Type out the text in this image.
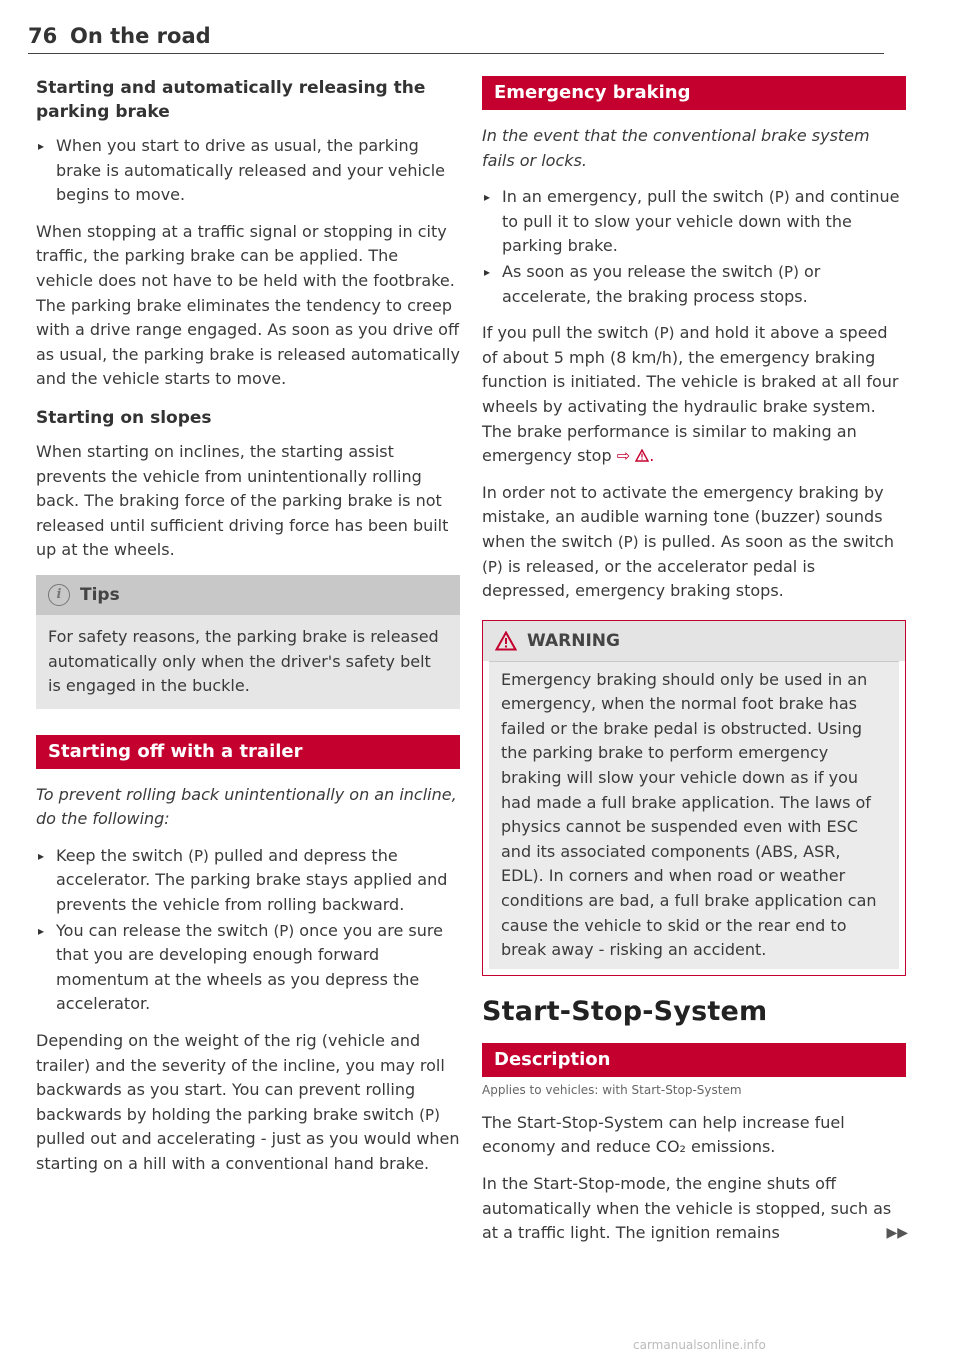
76 On the road
Starting and automatically releasing the parking brake
▸ When you start to drive as usual, the parking brake is automatically released and your vehicle begins to move.

When stopping at a traffic signal or stopping in city traffic, the parking brake can be applied. The vehicle does not have to be held with the footbrake. The parking brake eliminates the tendency to creep with a drive range engaged. As soon as you drive off as usual, the parking brake is released automatically and the vehicle starts to move.

Starting on slopes

When starting on inclines, the starting assist prevents the vehicle from unintentionally rolling back. The braking force of the parking brake is not released until sufficient driving force has been built up at the wheels.

i	Tips

For safety reasons, the parking brake is released automatically only when the driver's safety belt is engaged in the buckle.

Starting off with a trailer

To prevent rolling back unintentionally on an incline, do the following:

▸ Keep the switch (P) pulled and depress the accelerator. The parking brake stays applied and prevents the vehicle from rolling backward.
▸ You can release the switch (P) once you are sure that you are developing enough forward momentum at the wheels as you depress the accelerator.

Depending on the weight of the rig (vehicle and trailer) and the severity of the incline, you may roll backwards as you start. You can prevent rolling backwards by holding the parking brake switch (P) pulled out and accelerating - just as you would when starting on a hill with a conventional hand brake.

Emergency braking

In the event that the conventional brake system fails or locks.

▸ In an emergency, pull the switch (P) and continue to pull it to slow your vehicle down with the parking brake.
▸ As soon as you release the switch (P) or accelerate, the braking process stops.

If you pull the switch (P) and hold it above a speed of about 5 mph (8 km/h), the emergency braking function is initiated. The vehicle is braked at all four wheels by activating the hydraulic brake system. The brake performance is similar to making an emergency stop ⇨ .

In order not to activate the emergency braking by mistake, an audible warning tone (buzzer) sounds when the switch (P) is pulled. As soon as the switch (P) is released, or the accelerator pedal is depressed, emergency braking stops.

WARNING

Emergency braking should only be used in an emergency, when the normal foot brake has failed or the brake pedal is obstructed. Using the parking brake to perform emergency braking will slow your vehicle down as if you had made a full brake application. The laws of physics cannot be suspended even with ESC and its associated components (ABS, ASR, EDL). In corners and when road or weather conditions are bad, a full brake application can cause the vehicle to skid or the rear end to break away - risking an accident.

Start-Stop-System
Description
Applies to vehicles: with Start-Stop-System

The Start-Stop-System can help increase fuel economy and reduce CO₂ emissions.

In the Start-Stop-mode, the engine shuts off automatically when the vehicle is stopped, such as at a traffic light. The ignition remains	▶▶

carmanualsonline.info
